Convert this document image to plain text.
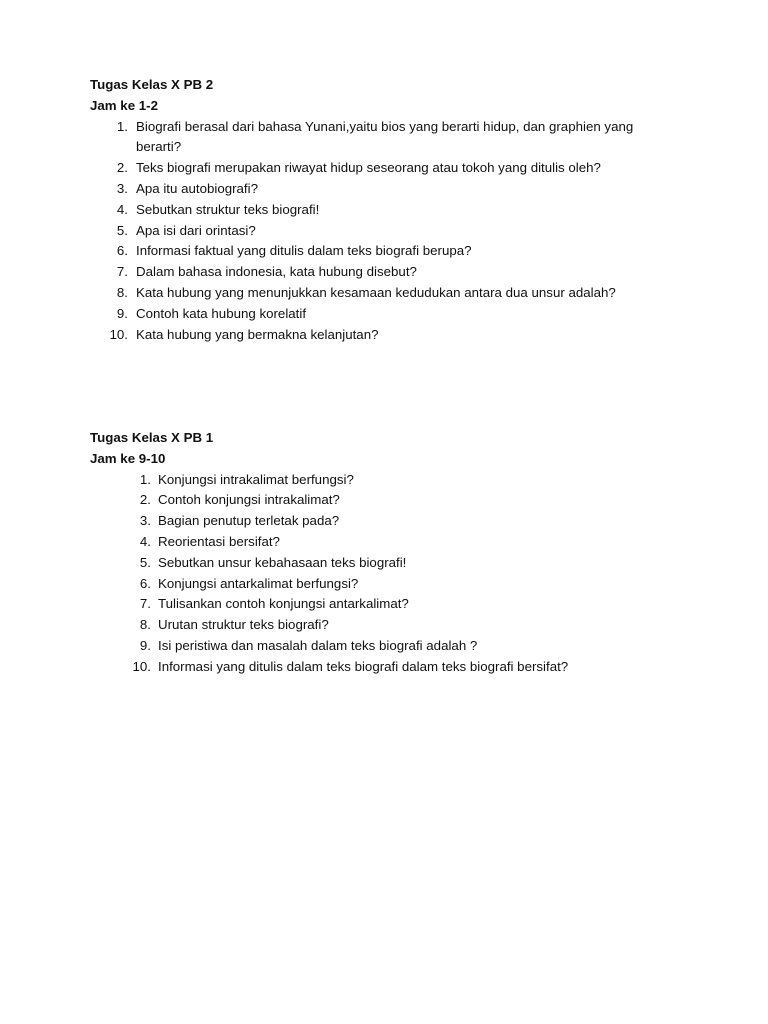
Tugas Kelas X PB 2
Jam ke 1-2
1. Biografi berasal dari bahasa Yunani,yaitu bios yang berarti hidup, dan graphien yang berarti?
2. Teks biografi merupakan riwayat hidup seseorang atau tokoh yang ditulis oleh?
3. Apa itu autobiografi?
4. Sebutkan struktur teks biografi!
5. Apa isi dari orintasi?
6. Informasi faktual yang ditulis dalam teks biografi berupa?
7. Dalam bahasa indonesia, kata hubung disebut?
8. Kata hubung yang menunjukkan kesamaan kedudukan antara dua unsur adalah?
9. Contoh kata hubung korelatif
10. Kata hubung yang bermakna kelanjutan?
Tugas Kelas X PB 1
Jam ke 9-10
1. Konjungsi intrakalimat berfungsi?
2. Contoh konjungsi intrakalimat?
3. Bagian penutup terletak pada?
4. Reorientasi bersifat?
5. Sebutkan unsur kebahasaan teks biografi!
6. Konjungsi antarkalimat berfungsi?
7. Tulisankan contoh konjungsi antarkalimat?
8. Urutan struktur teks biografi?
9. Isi peristiwa dan masalah dalam teks biografi adalah ?
10. Informasi yang ditulis dalam teks biografi dalam teks biografi bersifat?
